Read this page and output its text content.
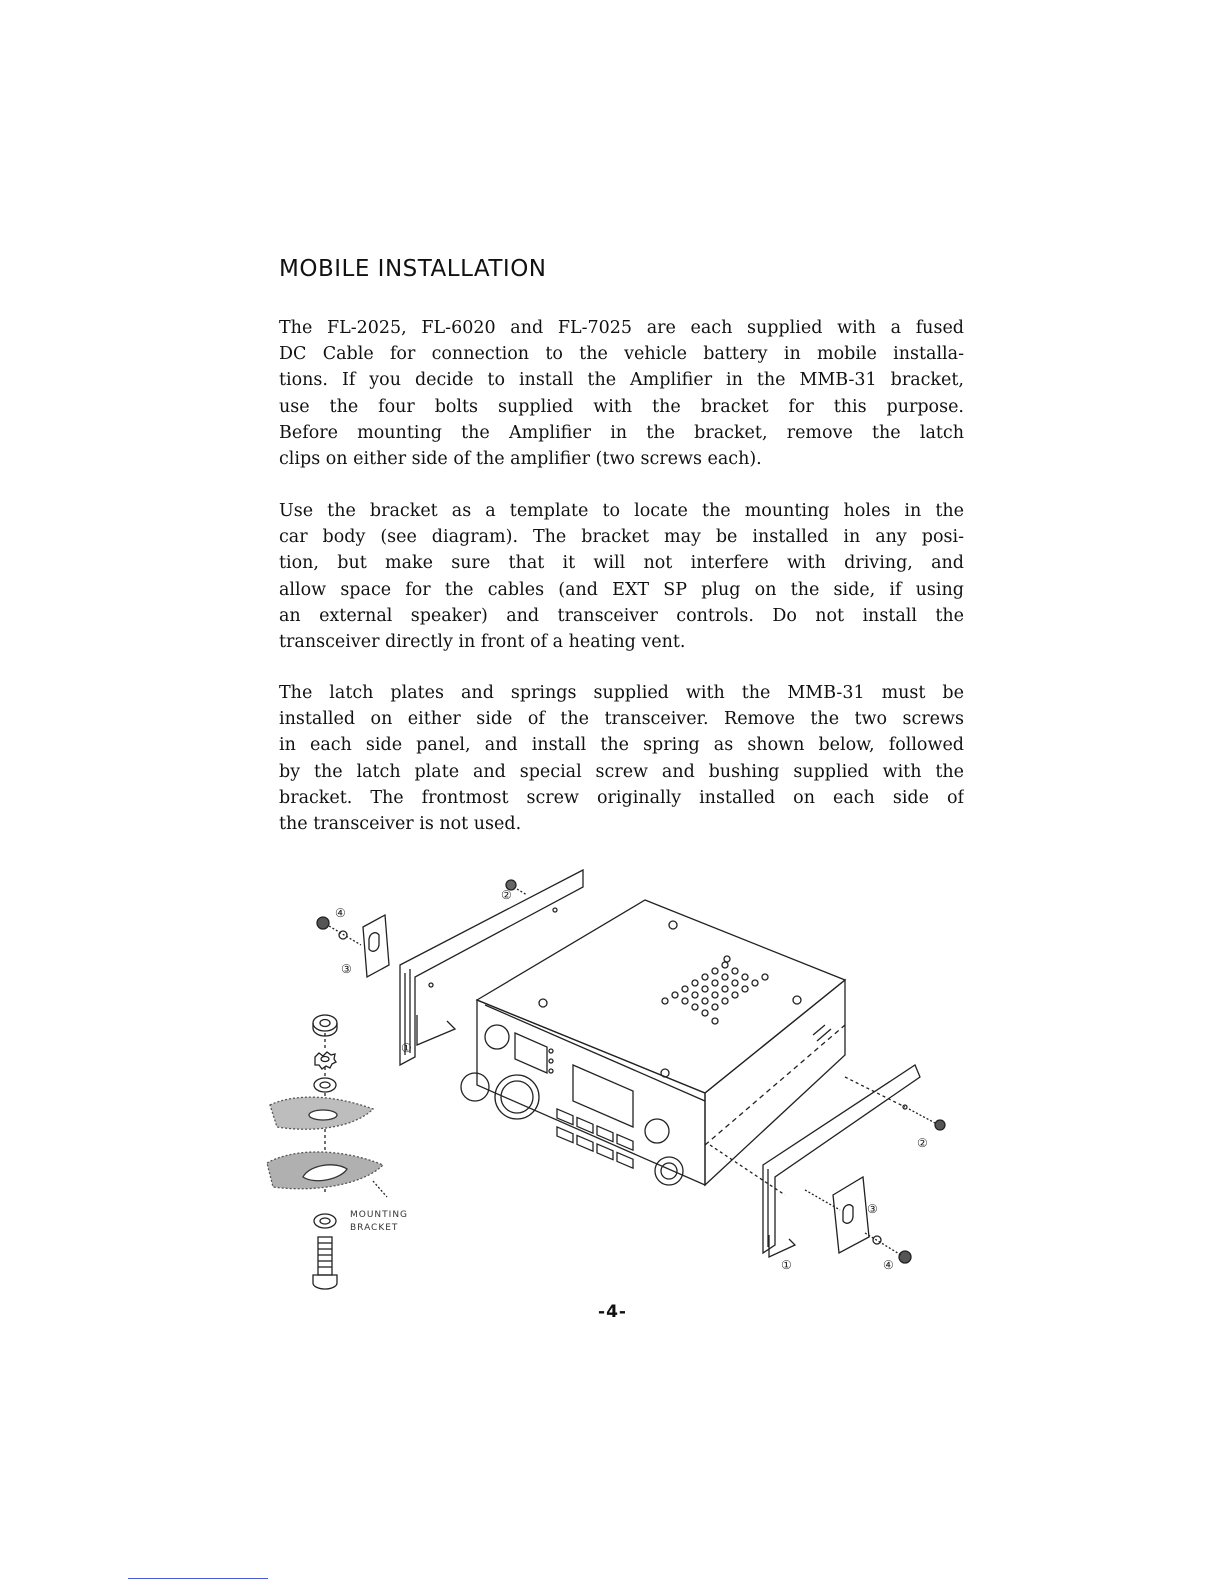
MOBILE INSTALLATION
The FL-2025, FL-6020 and FL-7025 are each supplied with a fused
DC Cable for connection to the vehicle battery in mobile installa-
tions. If you decide to install the Amplifier in the MMB-31 bracket,
use the four bolts supplied with the bracket for this purpose.
Before mounting the Amplifier in the bracket, remove the latch
clips on either side of the amplifier (two screws each).
Use the bracket as a template to locate the mounting holes in the
car body (see diagram). The bracket may be installed in any posi-
tion, but make sure that it will not interfere with driving, and
allow space for the cables (and EXT SP plug on the side, if using
an external speaker) and transceiver controls. Do not install the
transceiver directly in front of a heating vent.
The latch plates and springs supplied with the MMB-31 must be
installed on either side of the transceiver. Remove the two screws
in each side panel, and install the spring as shown below, followed
by the latch plate and special screw and bushing supplied with the
bracket. The frontmost screw originally installed on each side of
the transceiver is not used.
MOUNTING
BRACKET
②
④
③
①
②
③
①	④
-4-
